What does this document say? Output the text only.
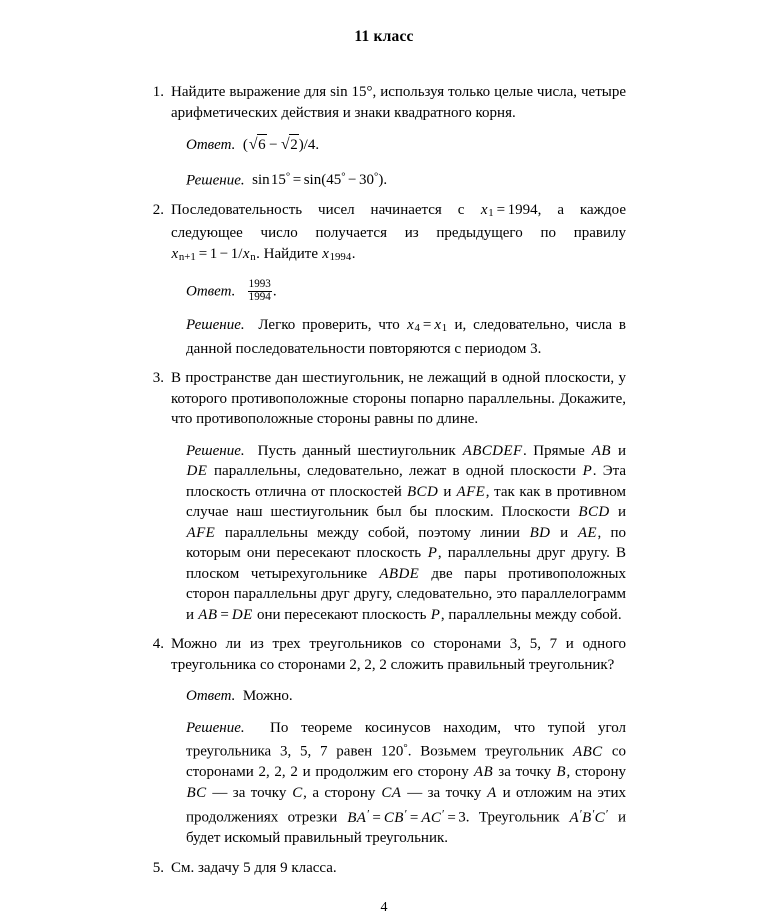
11 класс
1. Найдите выражение для sin 15°, используя только целые числа, четыре арифметических действия и знаки квадратного корня.

Ответ. (√6 − √2)/4.

Решение. sin 15° = sin(45° − 30°).

2. Последовательность чисел начинается с $x_1 = 1994$, а каждое следующее число получается из предыдущего по правилу $x_{n+1} = 1 - 1/x_n$. Найдите $x_{1994}$.

Ответ. $\frac{1993}{1994}$ .

Решение. Легко проверить, что $x_4 = x_1$ и, следовательно, числа в данной последовательности повторяются с периодом 3.

3. В пространстве дан шестиугольник, не лежащий в одной плоскости, у которого противоположные стороны попарно параллельны. Докажите, что противоположные стороны равны по длине.

Решение. Пусть данный шестиугольник ABCDEF. Прямые AB и DE параллельны, следовательно, лежат в одной плоскости P. Эта плоскость отлична от плоскостей BCD и AFE, так как в противном случае наш шестиугольник был бы плоским. Плоскости BCD и AFE параллельны между собой, поэтому линии BD и AE, по которым они пересекают плоскость P, параллельны друг другу. В плоском четырехугольнике ABDE две пары противоположных сторон параллельны друг другу, следовательно, это параллелограмм и AB = DE они пересекают плоскость P, параллельны между собой.

4. Можно ли из трех треугольников со сторонами 3, 5, 7 и одного треугольника со сторонами 2, 2, 2 сложить правильный треугольник?

Ответ. Можно.

Решение. По теореме косинусов находим, что тупой угол треугольника 3, 5, 7 равен 120°. Возьмем треугольник ABC со сторонами 2, 2, 2 и продолжим его сторону AB за точку B, сторону BC — за точку C, а сторону CA — за точку A и отложим на этих продолжениях отрезки BA′ = CB′ = AC′ = 3. Треугольник A′B′C′ и будет искомый правильный треугольник.

5. См. задачу 5 для 9 класса.

4
